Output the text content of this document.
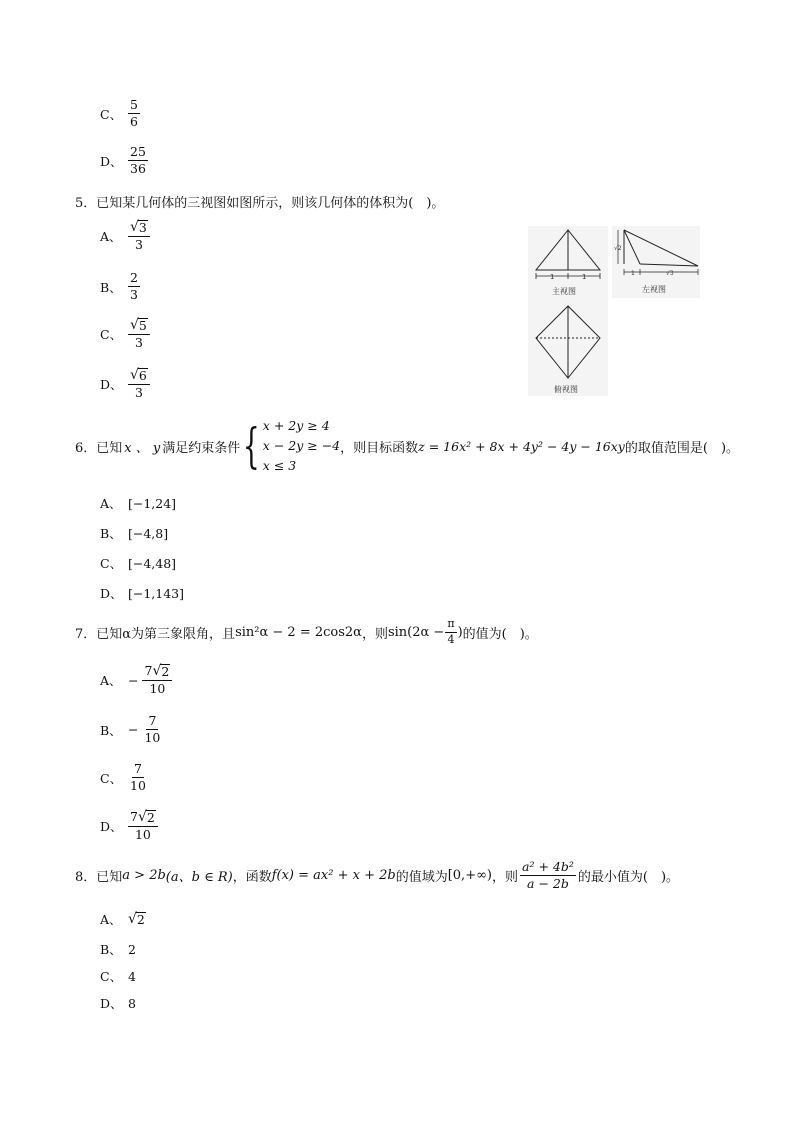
C、 $\frac{5}{6}$
D、 $\frac{25}{36}$
5．已知某几何体的三视图如图所示，则该几何体的体积为(　)。
A、 $\frac{√ 3}{3}$
B、 $\frac{2}{3}$
C、 $\frac{√ 5}{3}$
D、 $\frac{√ 6}{3}$
1	1
主视图
√2
1	√3
左视图
俯视图
6．已知 x 、 y 满足约束条件 { x + 2y ≥ 4
x − 2y ≥ −4
x ≤ 3
，则目标函数 z = 16x² + 8x + 4y² − 4y − 16xy 的取值范围是(　)。
A、 [−1,24]
B、 [−4,8]
C、 [−4,48]
D、 [−1,143]
7．已知α为第三象限角，且 sin²α − 2 = 2cos2α ，则 $\sin(2\alpha - \frac{\pi}{4}$ ) 的值为(　)。
A、 − $\frac{7 √ 2}{10}$
B、 − $\frac{7}{10}$
C、 $\frac{7}{10}$
D、 $\frac{7 √ 2}{10}$
8．已知 a > 2b (a、b ∈ R) ，函数 f(x) = ax² + x + 2b 的值域为 [0,+∞) ，则 $\frac{\text{a² + 4b²}}{a - 2b}$ 的最小值为(　)。
A、 √ 2
B、 2
C、 4
D、 8
